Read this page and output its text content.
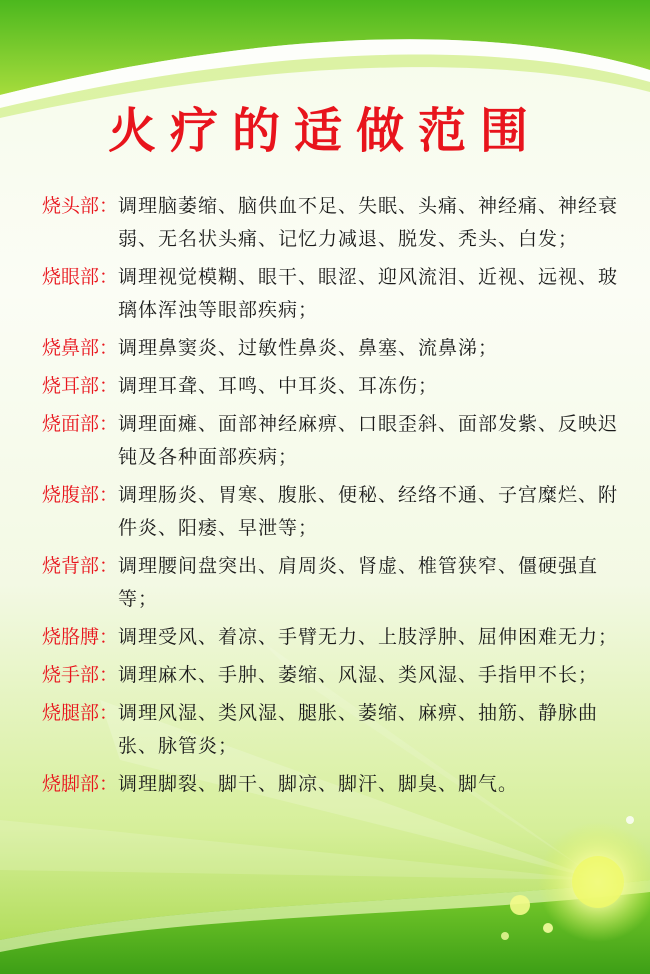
火疗的适做范围
烧头部： 调理脑萎缩、脑供血不足、失眠、头痛、神经痛、神经衰弱、无名状头痛、记忆力减退、脱发、秃头、白发；
烧眼部： 调理视觉模糊、眼干、眼涩、迎风流泪、近视、远视、玻璃体浑浊等眼部疾病；
烧鼻部： 调理鼻窦炎、过敏性鼻炎、鼻塞、流鼻涕；
烧耳部： 调理耳聋、耳鸣、中耳炎、耳冻伤；
烧面部： 调理面瘫、面部神经麻痹、口眼歪斜、面部发紫、反映迟钝及各种面部疾病；
烧腹部： 调理肠炎、胃寒、腹胀、便秘、经络不通、子宫糜烂、附件炎、阳痿、早泄等；
烧背部： 调理腰间盘突出、肩周炎、肾虚、椎管狭窄、僵硬强直等；
烧胳膊： 调理受风、着凉、手臂无力、上肢浮肿、屈伸困难无力；
烧手部： 调理麻木、手肿、萎缩、风湿、类风湿、手指甲不长；
烧腿部： 调理风湿、类风湿、腿胀、萎缩、麻痹、抽筋、静脉曲张、脉管炎；
烧脚部： 调理脚裂、脚干、脚凉、脚汗、脚臭、脚气。
